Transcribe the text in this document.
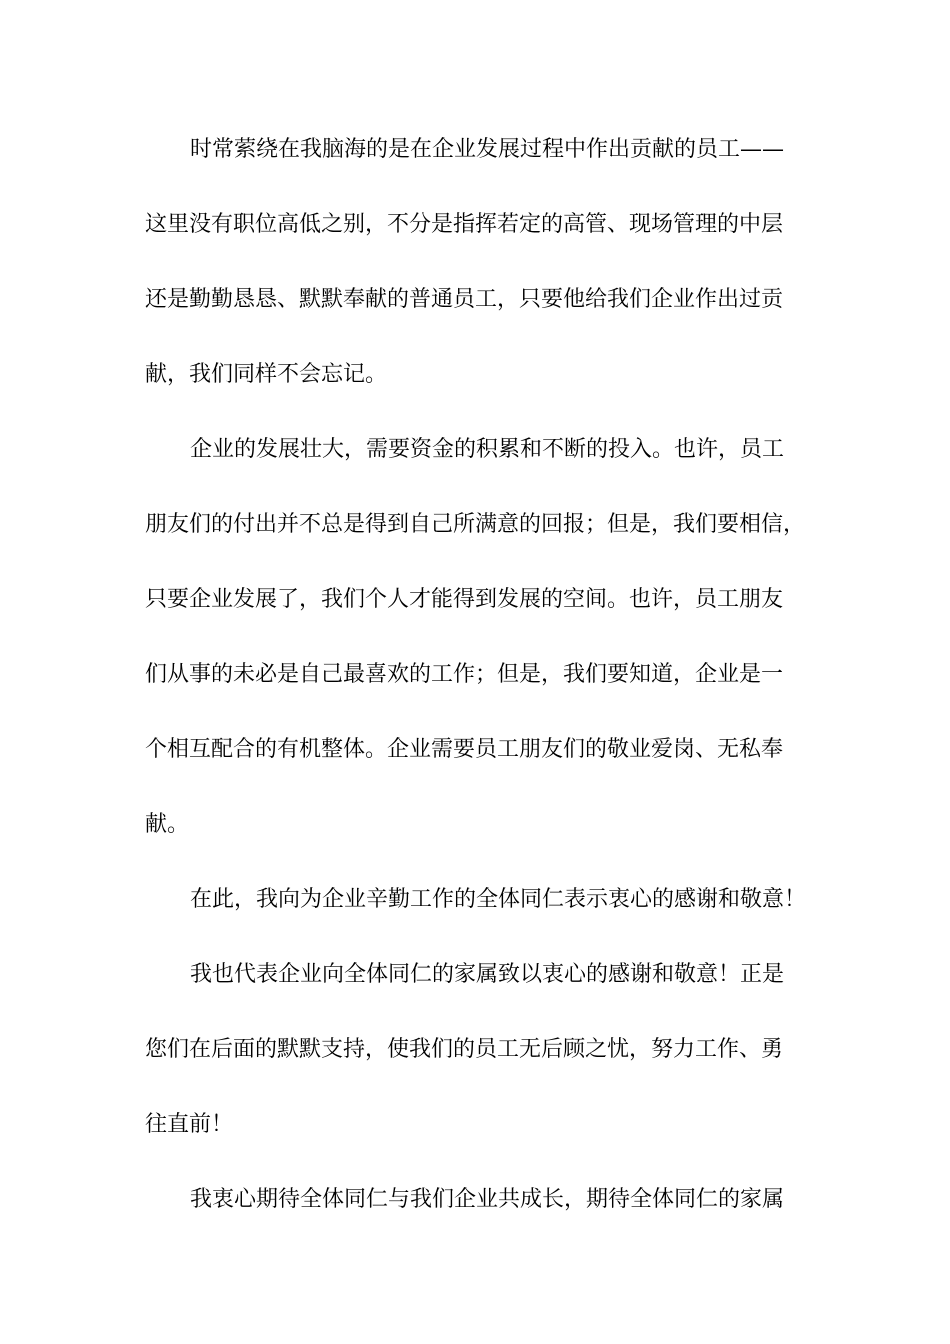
时常萦绕在我脑海的是在企业发展过程中作出贡献的员工——
这里没有职位高低之别，不分是指挥若定的高管、现场管理的中层
还是勤勤恳恳、默默奉献的普通员工，只要他给我们企业作出过贡
献，我们同样不会忘记。
企业的发展壮大，需要资金的积累和不断的投入。也许，员工
朋友们的付出并不总是得到自己所满意的回报；但是，我们要相信，
只要企业发展了，我们个人才能得到发展的空间。也许，员工朋友
们从事的未必是自己最喜欢的工作；但是，我们要知道，企业是一
个相互配合的有机整体。企业需要员工朋友们的敬业爱岗、无私奉
献。
在此，我向为企业辛勤工作的全体同仁表示衷心的感谢和敬意！
我也代表企业向全体同仁的家属致以衷心的感谢和敬意！正是
您们在后面的默默支持，使我们的员工无后顾之忧，努力工作、勇
往直前！
我衷心期待全体同仁与我们企业共成长，期待全体同仁的家属
